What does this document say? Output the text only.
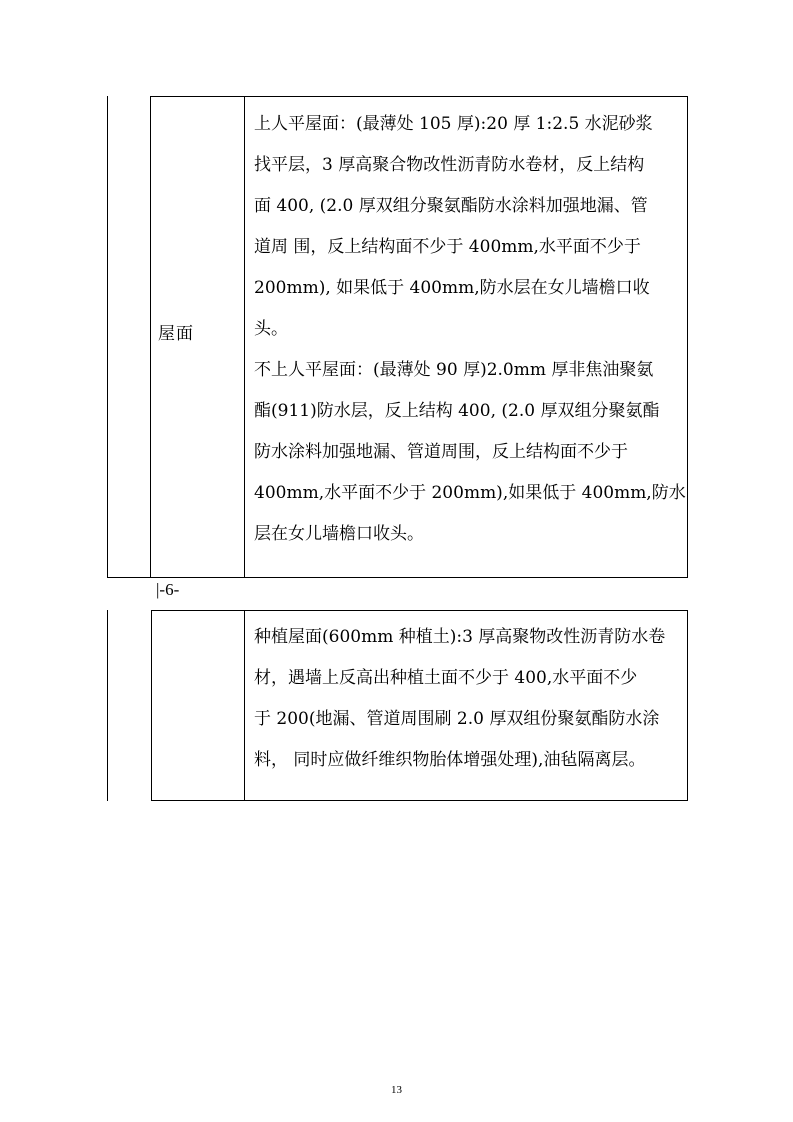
屋面

上人平屋面：(最薄处 105 厚):20 厚 1:2.5 水泥砂浆

找平层，3 厚高聚合物改性沥青防水卷材，反上结构

面 400, (2.0 厚双组分聚氨酯防水涂料加强地漏、管

道周 围，反上结构面不少于 400mm,水平面不少于

200mm), 如果低于 400mm,防水层在女儿墙檐口收

头。

不上人平屋面：(最薄处 90 厚)2.0mm 厚非焦油聚氨

酯(911)防水层，反上结构 400, (2.0 厚双组分聚氨酯

防水涂料加强地漏、管道周围，反上结构面不少于

400mm,水平面不少于 200mm),如果低于 400mm,防水

层在女儿墙檐口收头。

|-6-

种植屋面(600mm 种植土):3 厚高聚物改性沥青防水卷

材，遇墙上反高出种植土面不少于 400,水平面不少

于 200(地漏、管道周围刷 2.0 厚双组份聚氨酯防水涂

料， 同时应做纤维织物胎体增强处理),油毡隔离层。

13
